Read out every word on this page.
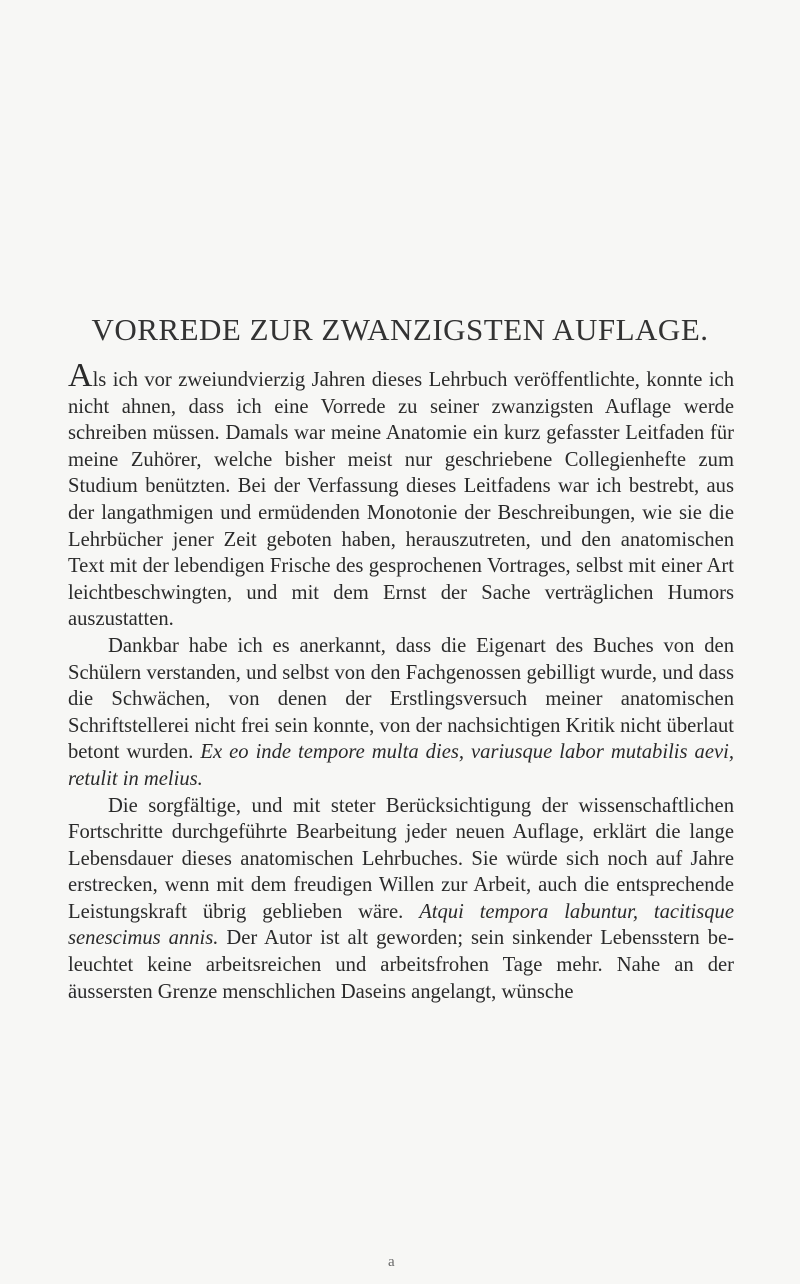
VORREDE ZUR ZWANZIGSTEN AUFLAGE.

Als ich vor zweiundvierzig Jahren dieses Lehrbuch veröffentlichte, konnte ich nicht ahnen, dass ich eine Vorrede zu seiner zwanzigsten Auflage werde schreiben müssen. Damals war meine Anatomie ein kurz gefasster Leitfaden für meine Zuhörer, welche bisher meist nur geschriebene Collegienhefte zum Studium benützten. Bei der Verfassung dieses Leitfadens war ich bestrebt, aus der langathmigen und ermüdenden Monotonie der Beschreibungen, wie sie die Lehrbücher jener Zeit geboten haben, herauszutreten, und den anatomischen Text mit der lebendigen Frische des gesprochenen Vortrages, selbst mit einer Art leichtbeschwingten, und mit dem Ernst der Sache verträglichen Humors auszustatten.

Dankbar habe ich es anerkannt, dass die Eigenart des Buches von den Schülern verstanden, und selbst von den Fachgenossen gebilligt wurde, und dass die Schwächen, von denen der Erstlingsversuch meiner anatomischen Schriftstellerei nicht frei sein konnte, von der nachsichtigen Kritik nicht überlaut betont wurden. Ex eo inde tempore multa dies, variusque labor mutabilis aevi, retulit in melius.

Die sorgfältige, und mit steter Berücksichtigung der wissenschaftlichen Fortschritte durchgeführte Bearbeitung jeder neuen Auflage, erklärt die lange Lebensdauer dieses anatomischen Lehrbuches. Sie würde sich noch auf Jahre erstrecken, wenn mit dem freudigen Willen zur Arbeit, auch die entsprechende Leistungskraft übrig geblieben wäre. Atqui tempora labuntur, tacitisque senescimus annis. Der Autor ist alt geworden; sein sinkender Lebensstern beleuchtet keine arbeitsreichen und arbeitsfrohen Tage mehr. Nahe an der äussersten Grenze menschlichen Daseins angelangt, wünsche

a
